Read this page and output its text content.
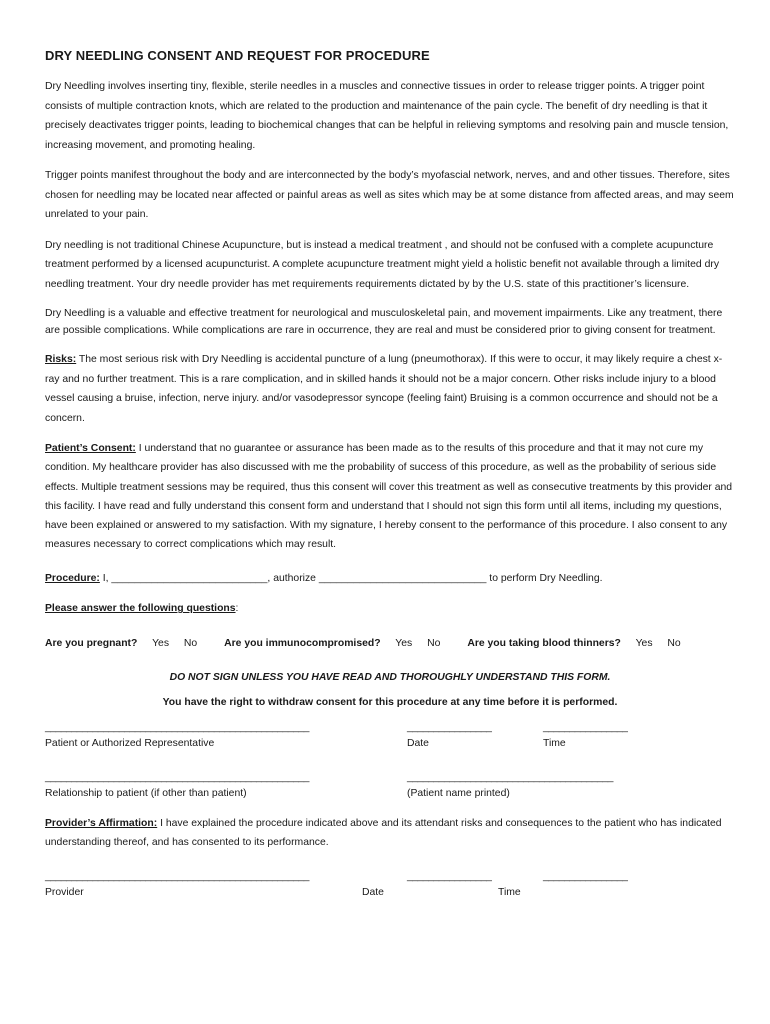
DRY NEEDLING CONSENT AND REQUEST FOR PROCEDURE

Dry Needling involves inserting tiny, flexible, sterile needles in a muscles and connective tissues in order to release trigger points. A trigger point consists of multiple contraction knots, which are related to the production and maintenance of the pain cycle. The benefit of dry needling is that it precisely deactivates trigger points, leading to biochemical changes that can be helpful in relieving symptoms and resolving pain and muscle tension, increasing movement, and promoting healing.

Trigger points manifest throughout the body and are interconnected by the body’s myofascial network, nerves, and and other tissues. Therefore, sites chosen for needling may be located near affected or painful areas as well as sites which may be at some distance from affected areas, and may seem unrelated to your pain.

Dry needling is not traditional Chinese Acupuncture, but is instead a medical treatment , and should not be confused with a complete acupuncture treatment performed by a licensed acupuncturist. A complete acupuncture treatment might yield a holistic benefit not available through a limited dry needling treatment. Your dry needle provider has met requirements requirements dictated by by the U.S. state of this practitioner’s licensure.

Dry Needling is a valuable and effective treatment for neurological and musculoskeletal pain, and movement impairments. Like any treatment, there are possible complications. While complications are rare in occurrence, they are real and must be considered prior to giving consent for treatment.

Risks: The most serious risk with Dry Needling is accidental puncture of a lung (pneumothorax). If this were to occur, it may likely require a chest x-ray and no further treatment. This is a rare complication, and in skilled hands it should not be a major concern. Other risks include injury to a blood vessel causing a bruise, infection, nerve injury. and/or vasodepressor syncope (feeling faint) Bruising is a common occurrence and should not be a concern.

Patient’s Consent: I understand that no guarantee or assurance has been made as to the results of this procedure and that it may not cure my condition. My healthcare provider has also discussed with me the probability of success of this procedure, as well as the probability of serious side effects. Multiple treatment sessions may be required, thus this consent will cover this treatment as well as consecutive treatments by this provider and this facility. I have read and fully understand this consent form and understand that I should not sign this form until all items, including my questions, have been explained or answered to my satisfaction. With my signature, I hereby consent to the performance of this procedure. I also consent to any measures necessary to correct complications which may result.

Procedure: I, ___________________________, authorize _____________________________ to perform Dry Needling.

Please answer the following questions:

Are you pregnant? Yes No	Are you immunocompromised? Yes No	Are you taking blood thinners? Yes No
DO NOT SIGN UNLESS YOU HAVE READ AND THOROUGHLY UNDERSTAND THIS FORM.
You have the right to withdraw consent for this procedure at any time before it is performed.
__________________________________________________	________________	________________
Patient or Authorized Representative	Date	Time
__________________________________________________	_______________________________________
Relationship to patient (if other than patient)	(Patient name printed)

Provider’s Affirmation: I have explained the procedure indicated above and its attendant risks and consequences to the patient who has indicated understanding thereof, and has consented to its performance.

__________________________________________________	________________	________________
Provider	Date	Time
